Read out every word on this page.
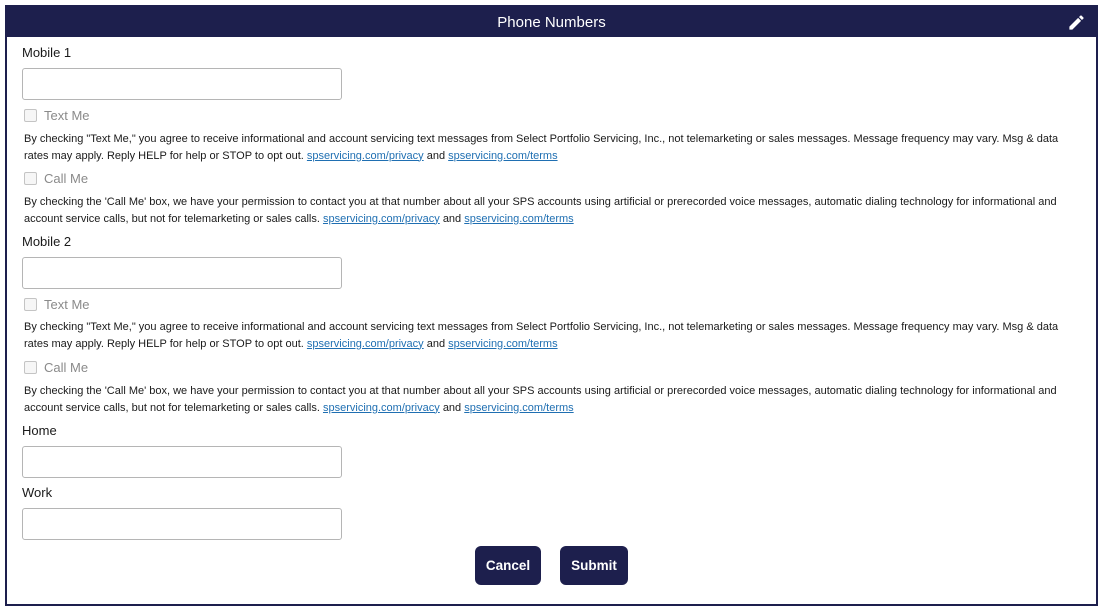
Phone Numbers
Mobile 1
Text Me
By checking "Text Me," you agree to receive informational and account servicing text messages from Select Portfolio Servicing, Inc., not telemarketing or sales messages. Message frequency may vary. Msg & data rates may apply. Reply HELP for help or STOP to opt out. spservicing.com/privacy and spservicing.com/terms
Call Me
By checking the 'Call Me' box, we have your permission to contact you at that number about all your SPS accounts using artificial or prerecorded voice messages, automatic dialing technology for informational and account service calls, but not for telemarketing or sales calls. spservicing.com/privacy and spservicing.com/terms
Mobile 2
Text Me
By checking "Text Me," you agree to receive informational and account servicing text messages from Select Portfolio Servicing, Inc., not telemarketing or sales messages. Message frequency may vary. Msg & data rates may apply. Reply HELP for help or STOP to opt out. spservicing.com/privacy and spservicing.com/terms
Call Me
By checking the 'Call Me' box, we have your permission to contact you at that number about all your SPS accounts using artificial or prerecorded voice messages, automatic dialing technology for informational and account service calls, but not for telemarketing or sales calls. spservicing.com/privacy and spservicing.com/terms
Home
Work
Cancel	Submit
